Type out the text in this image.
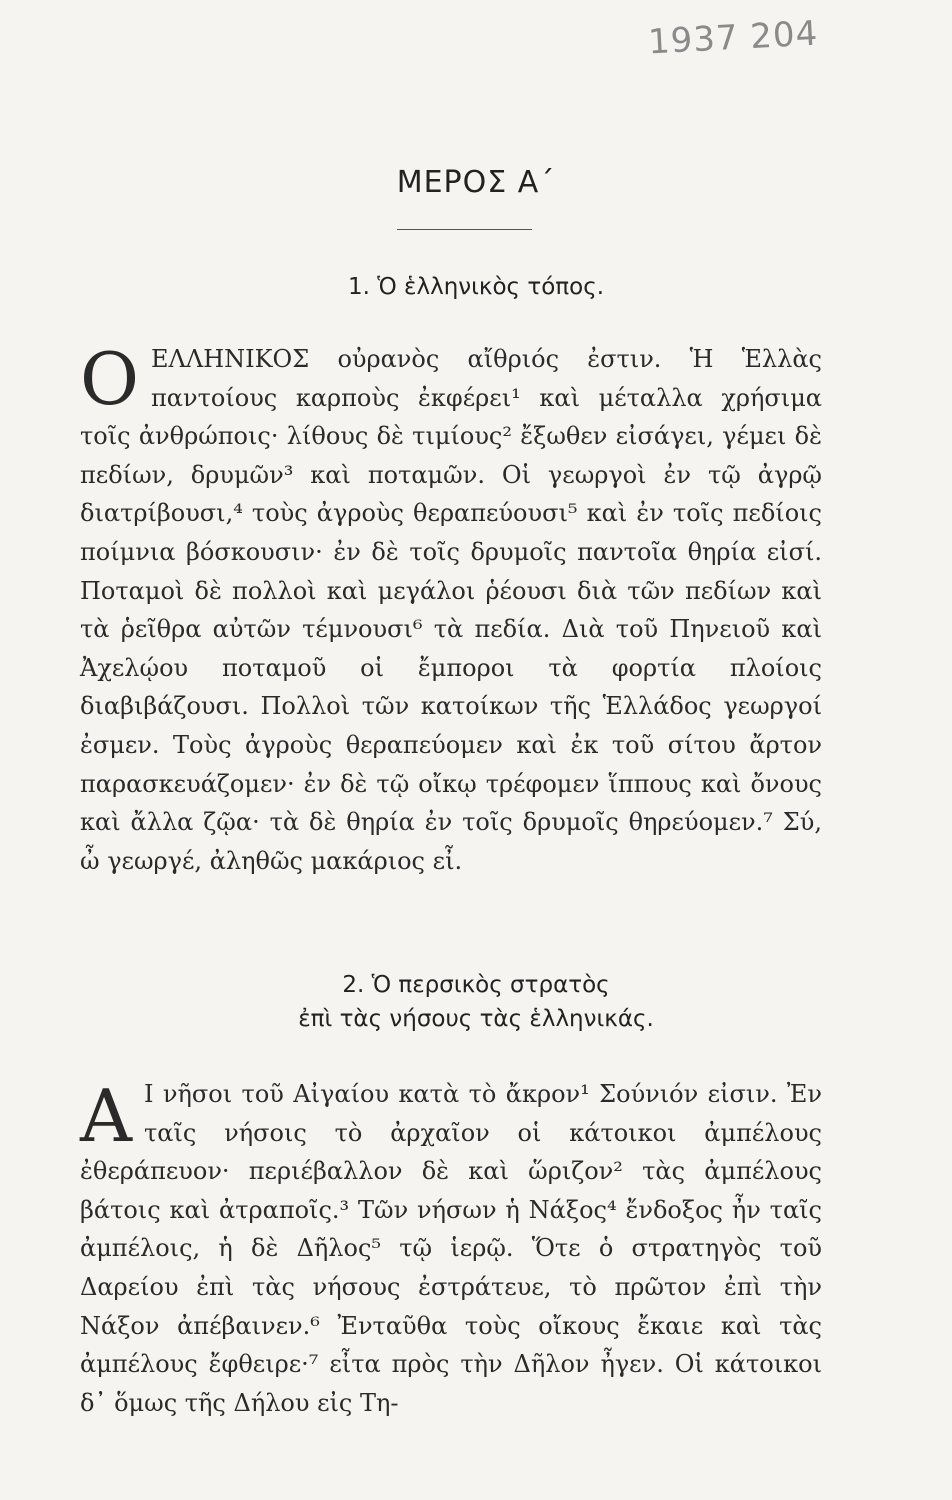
1937 204
ΜΕΡΟΣ Α΄
1. Ὁ ἑλληνικὸς τόπος.
Ο ΕΛΛΗΝΙΚΟΣ οὐρανὸς αἴθριός ἐστιν. Ἡ Ἑλλὰς παντοίους καρποὺς ἐκφέρει¹ καὶ μέταλλα χρήσιμα τοῖς ἀνθρώποις· λίθους δὲ τιμίους² ἔξωθεν εἰσάγει, γέμει δὲ πεδίων, δρυμῶν³ καὶ ποταμῶν. Οἱ γεωργοὶ ἐν τῷ ἀγρῷ διατρίβουσι,⁴ τοὺς ἀγροὺς θεραπεύουσι⁵ καὶ ἐν τοῖς πεδίοις ποίμνια βόσκουσιν· ἐν δὲ τοῖς δρυμοῖς παντοῖα θηρία εἰσί. Ποταμοὶ δὲ πολλοὶ καὶ μεγάλοι ῥέουσι διὰ τῶν πεδίων καὶ τὰ ῥεῖθρα αὐτῶν τέμνουσι⁶ τὰ πεδία. Διὰ τοῦ Πηνειοῦ καὶ Ἀχελῴου ποταμοῦ οἱ ἔμποροι τὰ φορτία πλοίοις διαβιβάζουσι. Πολλοὶ τῶν κατοίκων τῆς Ἑλλάδος γεωργοί ἐσμεν. Τοὺς ἀγροὺς θεραπεύομεν καὶ ἐκ τοῦ σίτου ἄρτον παρασκευάζομεν· ἐν δὲ τῷ οἴκῳ τρέφομεν ἵππους καὶ ὄνους καὶ ἄλλα ζῷα· τὰ δὲ θηρία ἐν τοῖς δρυμοῖς θηρεύομεν.⁷ Σύ, ὦ γεωργέ, ἀληθῶς μακάριος εἶ.

2. Ὁ περσικὸς στρατὸς
ἐπὶ τὰς νήσους τὰς ἑλληνικάς.
Α Ι νῆσοι τοῦ Αἰγαίου κατὰ τὸ ἄκρον¹ Σούνιόν εἰσιν. Ἐν ταῖς νήσοις τὸ ἀρχαῖον οἱ κάτοικοι ἀμπέλους ἐθεράπευον· περιέβαλλον δὲ καὶ ὥριζον² τὰς ἀμπέλους βάτοις καὶ ἀτραποῖς.³ Τῶν νήσων ἡ Νάξος⁴ ἔνδοξος ἦν ταῖς ἀμπέλοις, ἡ δὲ Δῆλος⁵ τῷ ἱερῷ. Ὅτε ὁ στρατηγὸς τοῦ Δαρείου ἐπὶ τὰς νήσους ἐστράτευε, τὸ πρῶτον ἐπὶ τὴν Νάξον ἀπέβαινεν.⁶ Ἐνταῦθα τοὺς οἴκους ἔκαιε καὶ τὰς ἀμπέλους ἔφθειρε·⁷ εἶτα πρὸς τὴν Δῆλον ἦγεν. Οἱ κάτοικοι δ᾽ ὅμως τῆς Δήλου εἰς Τη-
